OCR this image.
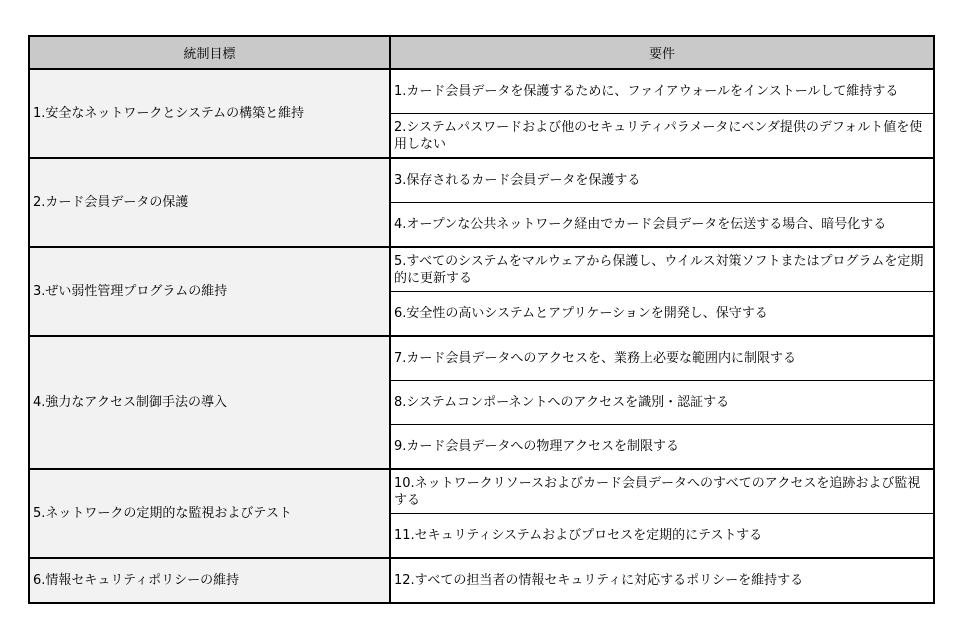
統制目標	要件
1.安全なネットワークとシステムの構築と維持	1.カード会員データを保護するために、ファイアウォールをインストールして維持する
	2.システムパスワードおよび他のセキュリティパラメータにベンダ提供のデフォルト値を使用しない
2.カード会員データの保護	3.保存されるカード会員データを保護する
	4.オープンな公共ネットワーク経由でカード会員データを伝送する場合、暗号化する
3.ぜい弱性管理プログラムの維持	5.すべてのシステムをマルウェアから保護し、ウイルス対策ソフトまたはプログラムを定期的に更新する
	6.安全性の高いシステムとアプリケーションを開発し、保守する
4.強力なアクセス制御手法の導入	7.カード会員データへのアクセスを、業務上必要な範囲内に制限する
	8.システムコンポーネントへのアクセスを識別・認証する
	9.カード会員データへの物理アクセスを制限する
5.ネットワークの定期的な監視およびテスト	10.ネットワークリソースおよびカード会員データへのすべてのアクセスを追跡および監視する
	11.セキュリティシステムおよびプロセスを定期的にテストする
6.情報セキュリティポリシーの維持	12.すべての担当者の情報セキュリティに対応するポリシーを維持する
